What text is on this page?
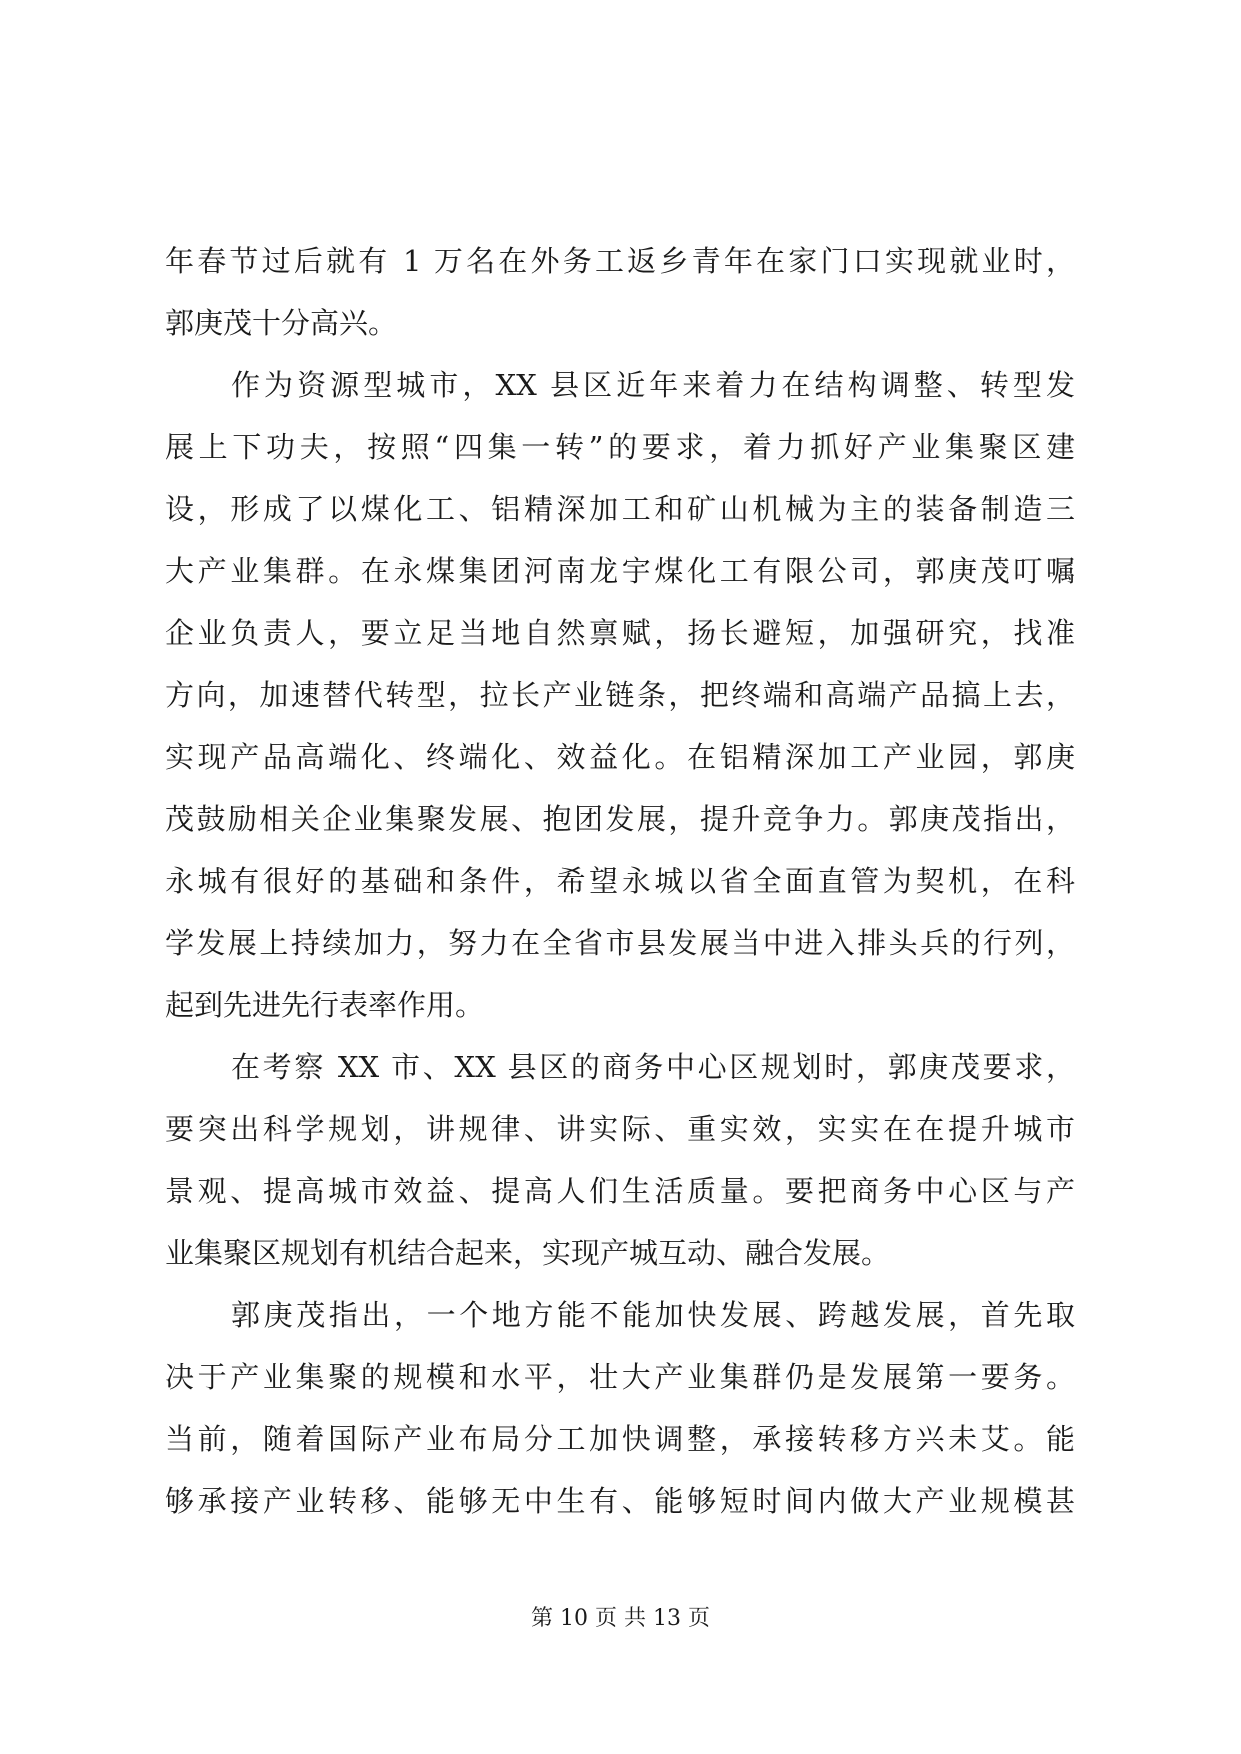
年春节过后就有 1 万名在外务工返乡青年在家门口实现就业时，
郭庚茂十分高兴。
作为资源型城市，XX 县区近年来着力在结构调整、转型发
展上下功夫，按照“四集一转”的要求，着力抓好产业集聚区建
设，形成了以煤化工、铝精深加工和矿山机械为主的装备制造三
大产业集群。在永煤集团河南龙宇煤化工有限公司，郭庚茂叮嘱
企业负责人，要立足当地自然禀赋，扬长避短，加强研究，找准
方向，加速替代转型，拉长产业链条，把终端和高端产品搞上去，
实现产品高端化、终端化、效益化。在铝精深加工产业园，郭庚
茂鼓励相关企业集聚发展、抱团发展，提升竞争力。郭庚茂指出，
永城有很好的基础和条件，希望永城以省全面直管为契机，在科
学发展上持续加力，努力在全省市县发展当中进入排头兵的行列，
起到先进先行表率作用。
在考察 XX 市、XX 县区的商务中心区规划时，郭庚茂要求，
要突出科学规划，讲规律、讲实际、重实效，实实在在提升城市
景观、提高城市效益、提高人们生活质量。要把商务中心区与产
业集聚区规划有机结合起来，实现产城互动、融合发展。
郭庚茂指出，一个地方能不能加快发展、跨越发展，首先取
决于产业集聚的规模和水平，壮大产业集群仍是发展第一要务。
当前，随着国际产业布局分工加快调整，承接转移方兴未艾。能
够承接产业转移、能够无中生有、能够短时间内做大产业规模甚
第 10 页 共 13 页
